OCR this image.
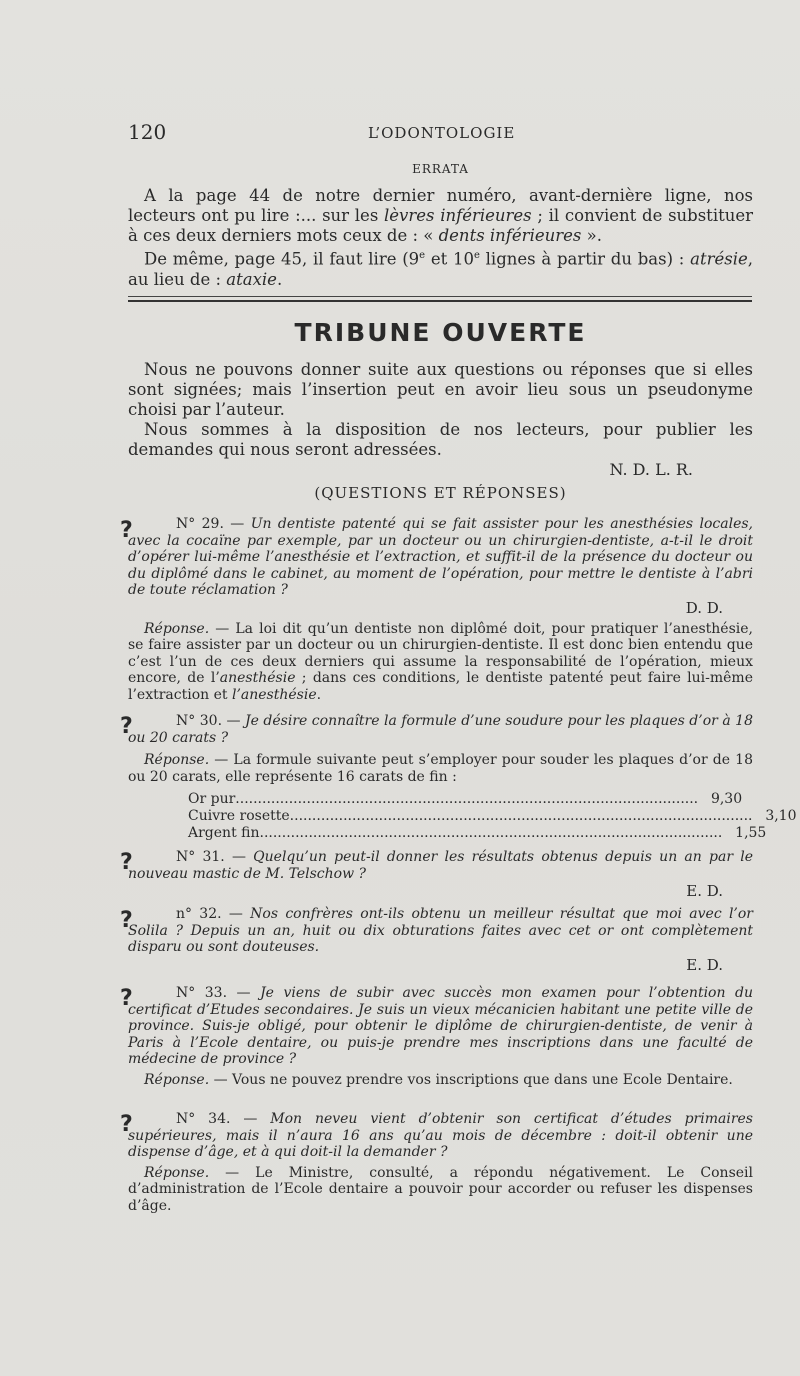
120	L’ODONTOLOGIE
ERRATA

A la page 44 de notre dernier numéro, avant-dernière ligne, nos lecteurs ont pu lire :... sur les lèvres inférieures ; il convient de substituer à ces deux derniers mots ceux de : « dents inférieures ».

De même, page 45, il faut lire (9e et 10e lignes à partir du bas) : atrésie, au lieu de : ataxie.

TRIBUNE OUVERTE

Nous ne pouvons donner suite aux questions ou réponses que si elles sont signées; mais l’insertion peut en avoir lieu sous un pseudonyme choisi par l’auteur.

Nous sommes à la disposition de nos lecteurs, pour publier les demandes qui nous seront adressées.

N. D. L. R.
(QUESTIONS ET RÉPONSES)
?	N° 29. — Un dentiste patenté qui se fait assister pour les anesthésies locales, avec la cocaïne par exemple, par un docteur ou un chirurgien-dentiste, a-t-il le droit d’opérer lui-même l’anesthésie et l’extraction, et suffit-il de la présence du docteur ou du diplômé dans le cabinet, au moment de l’opération, pour mettre le dentiste à l’abri de toute réclamation ?

D. D.

Réponse. — La loi dit qu’un dentiste non diplômé doit, pour pratiquer l’anesthésie, se faire assister par un docteur ou un chirurgien-dentiste. Il est donc bien entendu que c’est l’un de ces deux derniers qui assume la responsabilité de l’opération, mieux encore, de l’anesthésie ; dans ces conditions, le dentiste patenté peut faire lui-même l’extraction et l’anesthésie.

?	N° 30. — Je désire connaître la formule d’une soudure pour les plaques d’or à 18 ou 20 carats ?

Réponse. — La formule suivante peut s’employer pour souder les plaques d’or de 18 ou 20 carats, elle représente 16 carats de fin :

Or pur ........................................................................................................ 9,30
Cuivre rosette ........................................................................................................ 3,10
Argent fin ........................................................................................................ 1,55
?	N° 31. — Quelqu’un peut-il donner les résultats obtenus depuis un an par le nouveau mastic de M. Telschow ?

E. D.
?	n° 32. — Nos confrères ont-ils obtenu un meilleur résultat que moi avec l’or Solila ? Depuis un an, huit ou dix obturations faites avec cet or ont complètement disparu ou sont douteuses.

E. D.
?	N° 33. — Je viens de subir avec succès mon examen pour l’obtention du certificat d’Etudes secondaires. Je suis un vieux mécanicien habitant une petite ville de province. Suis-je obligé, pour obtenir le diplôme de chirurgien-dentiste, de venir à Paris à l’Ecole dentaire, ou puis-je prendre mes inscriptions dans une faculté de médecine de province ?

Réponse. — Vous ne pouvez prendre vos inscriptions que dans une Ecole Dentaire.

?	N° 34. — Mon neveu vient d’obtenir son certificat d’études primaires supérieures, mais il n’aura 16 ans qu’au mois de décembre : doit-il obtenir une dispense d’âge, et à qui doit-il la demander ?

Réponse. — Le Ministre, consulté, a répondu négativement. Le Conseil d’administration de l’Ecole dentaire a pouvoir pour accorder ou refuser les dispenses d’âge.
